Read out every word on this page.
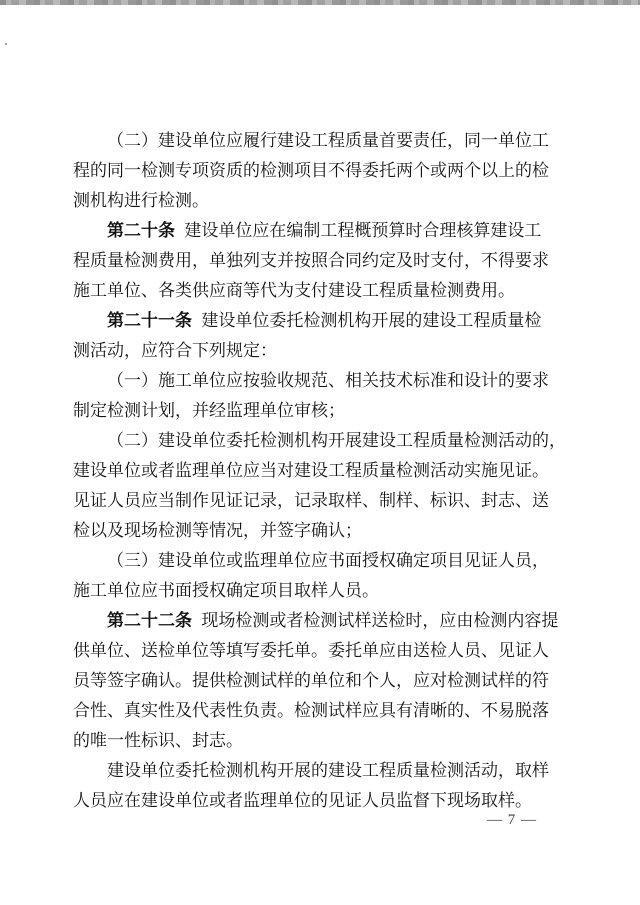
（二）建设单位应履行建设工程质量首要责任，同一单位工
程的同一检测专项资质的检测项目不得委托两个或两个以上的检
测机构进行检测。
第二十条 建设单位应在编制工程概预算时合理核算建设工
程质量检测费用，单独列支并按照合同约定及时支付，不得要求
施工单位、各类供应商等代为支付建设工程质量检测费用。
第二十一条 建设单位委托检测机构开展的建设工程质量检
测活动，应符合下列规定：
（一）施工单位应按验收规范、相关技术标准和设计的要求
制定检测计划，并经监理单位审核；
（二）建设单位委托检测机构开展建设工程质量检测活动的，
建设单位或者监理单位应当对建设工程质量检测活动实施见证。
见证人员应当制作见证记录，记录取样、制样、标识、封志、送
检以及现场检测等情况，并签字确认；
（三）建设单位或监理单位应书面授权确定项目见证人员，
施工单位应书面授权确定项目取样人员。
第二十二条 现场检测或者检测试样送检时，应由检测内容提
供单位、送检单位等填写委托单。委托单应由送检人员、见证人
员等签字确认。提供检测试样的单位和个人，应对检测试样的符
合性、真实性及代表性负责。检测试样应具有清晰的、不易脱落
的唯一性标识、封志。
建设单位委托检测机构开展的建设工程质量检测活动，取样
人员应在建设单位或者监理单位的见证人员监督下现场取样。
— 7 —
